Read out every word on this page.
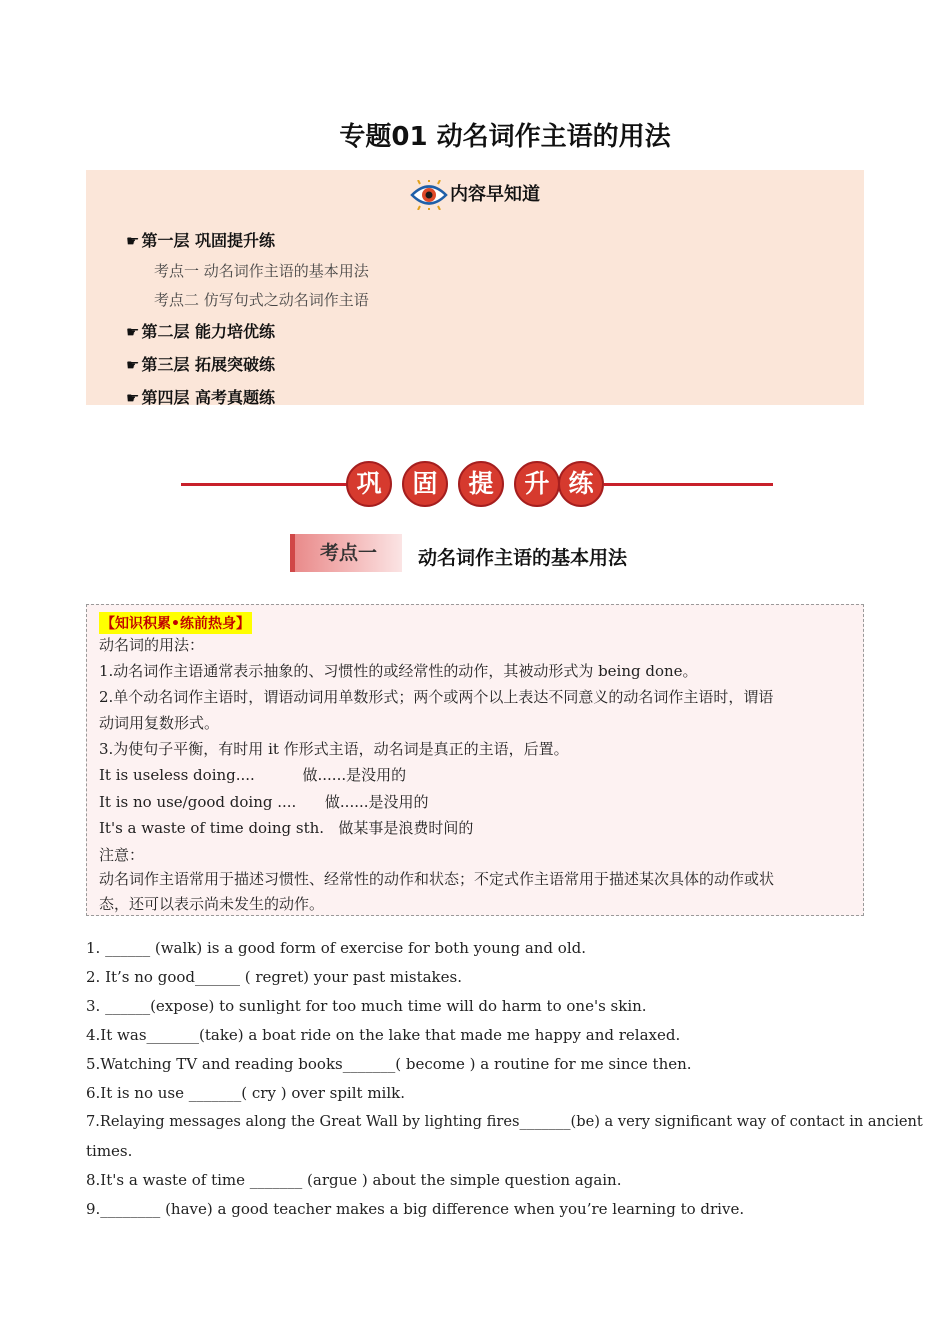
专题01 动名词作主语的用法
内容早知道
☛ 第一层 巩固提升练
考点一 动名词作主语的基本用法
考点二 仿写句式之动名词作主语
☛ 第二层 能力培优练
☛ 第三层 拓展突破练
☛ 第四层 高考真题练
巩	固	提	升 练
考点一	动名词作主语的基本用法
【知识积累•练前热身】
动名词的用法：
1.动名词作主语通常表示抽象的、习惯性的或经常性的动作，其被动形式为 being done。
2.单个动名词作主语时，谓语动词用单数形式；两个或两个以上表达不同意义的动名词作主语时，谓语
动词用复数形式。
3.为使句子平衡，有时用 it 作形式主语，动名词是真正的主语，后置。
It is useless doing....          做......是没用的
It is no use/good doing ....      做......是没用的
It's a waste of time doing sth.   做某事是浪费时间的
注意：
动名词作主语常用于描述习惯性、经常性的动作和状态；不定式作主语常用于描述某次具体的动作或状
态，还可以表示尚未发生的动作。
1. ______ (walk) is a good form of exercise for both young and old.
2. It’s no good______ ( regret) your past mistakes.
3. ______(expose) to sunlight for too much time will do harm to one's skin.
4.It was_______(take) a boat ride on the lake that made me happy and relaxed.
5.Watching TV and reading books_______( become ) a routine for me since then.
6.It is no use _______( cry ) over spilt milk.
7.Relaying messages along the Great Wall by lighting fires_______(be) a very significant way of contact in ancient
times.
8.It's a waste of time _______ (argue ) about the simple question again.
9.________ (have) a good teacher makes a big difference when you’re learning to drive.
